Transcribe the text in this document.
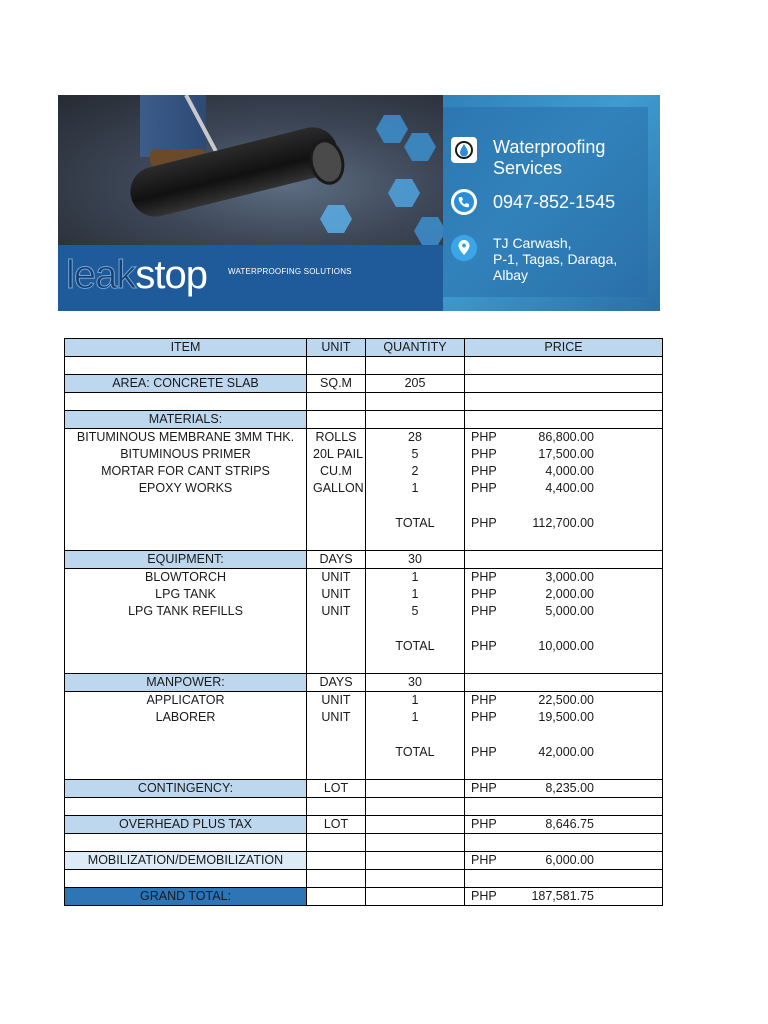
leakstop	WATERPROOFING SOLUTIONS
Waterproofing Services
0947-852-1545
TJ Carwash,
P-1, Tagas, Daraga,
Albay
ITEM	UNIT	QUANTITY	PRICE

AREA: CONCRETE SLAB	SQ.M	205	

MATERIALS:			
BITUMINOUS MEMBRANE 3MM THK.	ROLLS	28	PHP 86,800.00

BITUMINOUS PRIMER	20L PAIL	5	PHP 17,500.00

MORTAR FOR CANT STRIPS	CU.M	2	PHP 4,000.00

EPOXY WORKS	GALLON	1	PHP 4,400.00

		TOTAL	PHP 112,700.00

EQUIPMENT:	DAYS	30	
BLOWTORCH	UNIT	1	PHP 3,000.00

LPG TANK	UNIT	1	PHP 2,000.00

LPG TANK REFILLS	UNIT	5	PHP 5,000.00

		TOTAL	PHP 10,000.00

MANPOWER:	DAYS	30	
APPLICATOR	UNIT	1	PHP 22,500.00

LABORER	UNIT	1	PHP 19,500.00

		TOTAL	PHP 42,000.00

CONTINGENCY:	LOT		PHP 8,235.00

OVERHEAD PLUS TAX	LOT		PHP 8,646.75

MOBILIZATION/DEMOBILIZATION			PHP 6,000.00

GRAND TOTAL:			PHP 187,581.75
